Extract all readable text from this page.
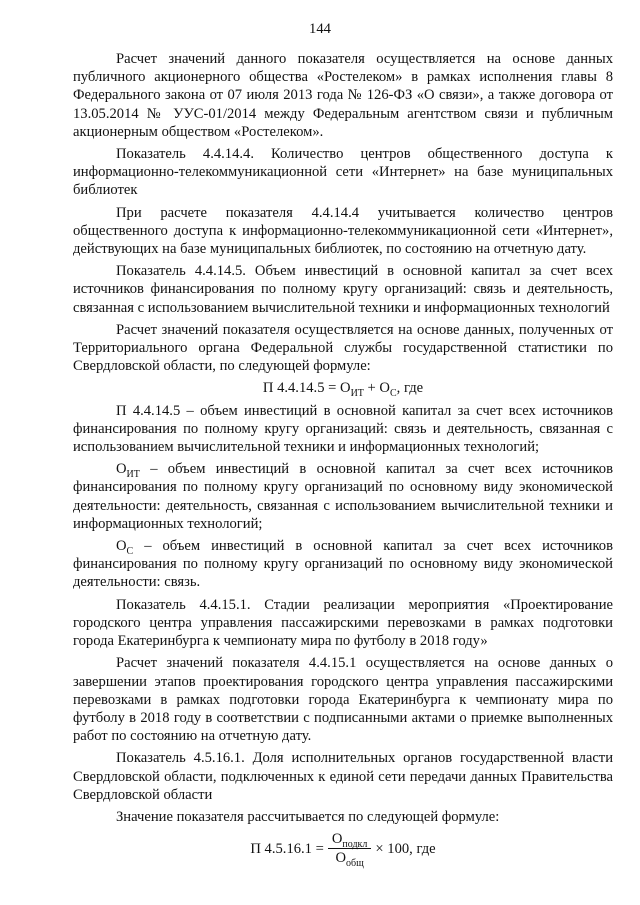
144

Расчет значений данного показателя осуществляется на основе данных публичного акционерного общества «Ростелеком» в рамках исполнения главы 8 Федерального закона от 07 июля 2013 года № 126-ФЗ «О связи», а также договора от 13.05.2014 № УУС-01/2014 между Федеральным агентством связи и публичным акционерным обществом «Ростелеком».

Показатель 4.4.14.4. Количество центров общественного доступа к информационно-телекоммуникационной сети «Интернет» на базе муниципальных библиотек

При расчете показателя 4.4.14.4 учитывается количество центров общественного доступа к информационно-телекоммуникационной сети «Интернет», действующих на базе муниципальных библиотек, по состоянию на отчетную дату.

Показатель 4.4.14.5. Объем инвестиций в основной капитал за счет всех источников финансирования по полному кругу организаций: связь и деятельность, связанная с использованием вычислительной техники и информационных технологий

Расчет значений показателя осуществляется на основе данных, полученных от Территориального органа Федеральной службы государственной статистики по Свердловской области, по следующей формуле:

П $4.4.14.5 = О_{ИТ} + О_С$, где

П 4.4.14.5 – объем инвестиций в основной капитал за счет всех источников финансирования по полному кругу организаций: связь и деятельность, связанная с использованием вычислительной техники и информационных технологий;

$О_{ИТ}$ – объем инвестиций в основной капитал за счет всех источников финансирования по полному кругу организаций по основному виду экономической деятельности: деятельность, связанная с использованием вычислительной техники и информационных технологий;

$О_С$ – объем инвестиций в основной капитал за счет всех источников финансирования по полному кругу организаций по основному виду экономической деятельности: связь.

Показатель 4.4.15.1. Стадии реализации мероприятия «Проектирование городского центра управления пассажирскими перевозками в рамках подготовки города Екатеринбурга к чемпионату мира по футболу в 2018 году»

Расчет значений показателя 4.4.15.1 осуществляется на основе данных о завершении этапов проектирования городского центра управления пассажирскими перевозками в рамках подготовки города Екатеринбурга к чемпионату мира по футболу в 2018 году в соответствии с подписанными актами о приемке выполненных работ по состоянию на отчетную дату.

Показатель 4.5.16.1. Доля исполнительных органов государственной власти Свердловской области, подключенных к единой сети передачи данных Правительства Свердловской области

Значение показателя рассчитывается по следующей формуле:

П $4.5.16.1 = \frac{О_{подкл}}{О_{общ}} \times 100$, где
